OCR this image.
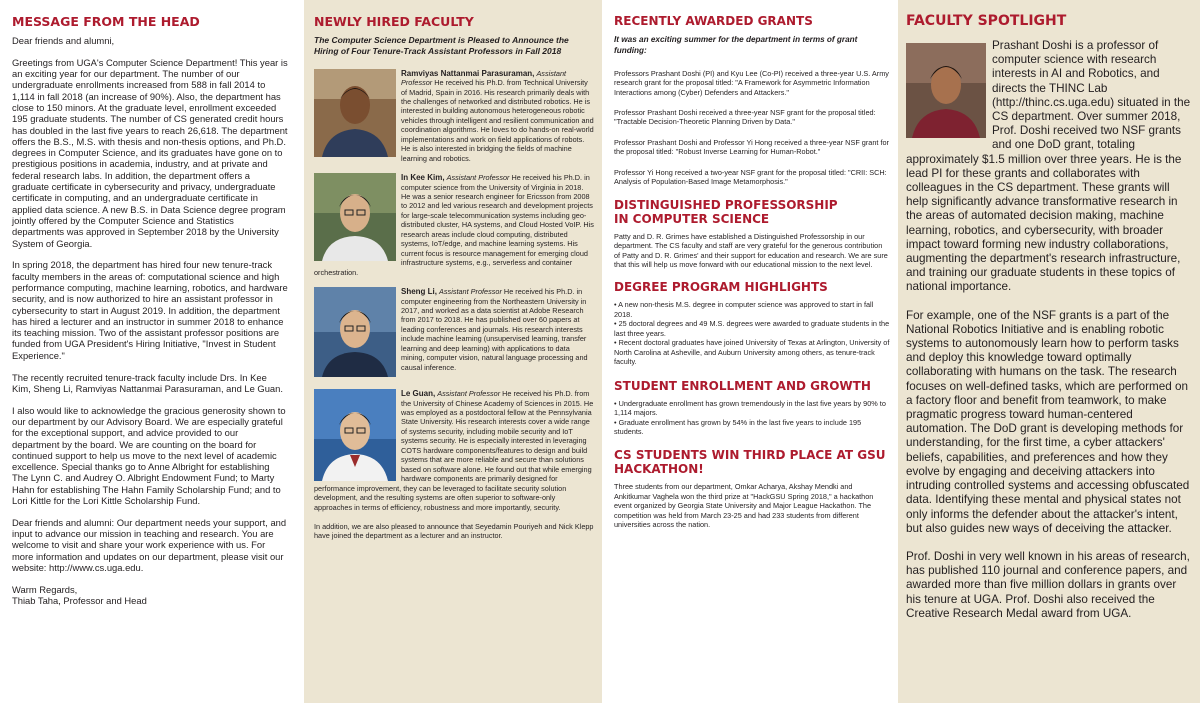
MESSAGE FROM THE HEAD

Dear friends and alumni,

Greetings from UGA's Computer Science Department! This year is an exciting year for our department. The number of our undergraduate enrollments increased from 588 in fall 2014 to 1,114 in fall 2018 (an increase of 90%). Also, the department has close to 150 minors. At the graduate level, enrollment exceeded 195 graduate students. The number of CS generated credit hours has doubled in the last five years to reach 26,618. The department offers the B.S., M.S. with thesis and non-thesis options, and Ph.D. degrees in Computer Science, and its graduates have gone on to prestigious positions in academia, industry, and at private and federal research labs. In addition, the department offers a graduate certificate in cybersecurity and privacy, undergraduate certificate in computing, and an undergraduate certificate in applied data science. A new B.S. in Data Science degree program jointly offered by the Computer Science and Statistics departments was approved in September 2018 by the University System of Georgia.

In spring 2018, the department has hired four new tenure-track faculty members in the areas of: computational science and high performance computing, machine learning, robotics, and hardware security, and is now authorized to hire an assistant professor in cybersecurity to start in August 2019. In addition, the department has hired a lecturer and an instructor in summer 2018 to enhance its teaching mission. Two of the assistant professor positions are funded from UGA President's Hiring Initiative, "Invest in Student Experience."

The recently recruited tenure-track faculty include Drs. In Kee Kim, Sheng Li, Ramviyas Nattanmai Parasuraman, and Le Guan.

I also would like to acknowledge the gracious generosity shown to our department by our Advisory Board. We are especially grateful for the exceptional support, and advice provided to our department by the board. We are counting on the board for continued support to help us move to the next level of academic excellence. Special thanks go to Anne Albright for establishing The Lynn C. and Audrey O. Albright Endowment Fund; to Marty Hahn for establishing The Hahn Family Scholarship Fund; and to Lori Kittle for the Lori Kittle Scholarship Fund.

Dear friends and alumni: Our department needs your support, and input to advance our mission in teaching and research. You are welcome to visit and share your work experience with us. For more information and updates on our department, please visit our website: http://www.cs.uga.edu.

Warm Regards,
Thiab Taha, Professor and Head
NEWLY HIRED FACULTY
The Computer Science Department is Pleased to Announce the Hiring of Four Tenure-Track Assistant Professors in Fall 2018
Ramviyas Nattanmai Parasuraman, Assistant Professor He received his Ph.D. from Technical University of Madrid, Spain in 2016. His research primarily deals with the challenges of networked and distributed robotics. He is interested in building autonomous heterogeneous robotic vehicles through intelligent and resilient communication and coordination algorithms. He loves to do hands-on real-world implementations and work on field applications of robots. He is also interested in bridging the fields of machine learning and robotics.
In Kee Kim, Assistant Professor He received his Ph.D. in computer science from the University of Virginia in 2018. He was a senior research engineer for Ericsson from 2008 to 2012 and led various research and development projects for large-scale telecommunication systems including geo-distributed cluster, HA systems, and Cloud Hosted VoIP. His research areas include cloud computing, distributed systems, IoT/edge, and machine learning systems. His current focus is resource management for emerging cloud infrastructure systems, e.g., serverless and container orchestration.
Sheng Li, Assistant Professor He received his Ph.D. in computer engineering from the Northeastern University in 2017, and worked as a data scientist at Adobe Research from 2017 to 2018. He has published over 60 papers at leading conferences and journals. His research interests include machine learning (unsupervised learning, transfer learning and deep learning) with applications to data mining, computer vision, natural language processing and causal inference.
Le Guan, Assistant Professor He received his Ph.D. from the University of Chinese Academy of Sciences in 2015. He was employed as a postdoctoral fellow at the Pennsylvania State University. His research interests cover a wide range of systems security, including mobile security and IoT systems security. He is especially interested in leveraging COTS hardware components/features to design and build systems that are more reliable and secure than solutions based on software alone. He found out that while emerging hardware components are primarily designed for performance improvement, they can be leveraged to facilitate security solution development, and the resulting systems are often superior to software-only approaches in terms of efficiency, robustness and more importantly, security.
In addition, we are also pleased to announce that Seyedamin Pouriyeh and Nick Klepp have joined the department as a lecturer and an instructor.
RECENTLY AWARDED GRANTS
It was an exciting summer for the department in terms of grant funding:

Professors Prashant Doshi (PI) and Kyu Lee (Co-PI) received a three-year U.S. Army research grant for the proposal titled: "A Framework for Asymmetric Information Interactions among (Cyber) Defenders and Attackers."

Professor Prashant Doshi received a three-year NSF grant for the proposal titled: "Tractable Decision-Theoretic Planning Driven by Data."

Professor Prashant Doshi and Professor Yi Hong received a three-year NSF grant for the proposal titled: "Robust Inverse Learning for Human-Robot."

Professor Yi Hong received a two-year NSF grant for the proposal titled: "CRII: SCH: Analysis of Population-Based Image Metamorphosis."

DISTINGUISHED PROFESSORSHIP
IN COMPUTER SCIENCE

Patty and D. R. Grimes have established a Distinguished Professorship in our department. The CS faculty and staff are very grateful for the generous contribution of Patty and D. R. Grimes' and their support for education and research. We are sure that this will help us move forward with our educational mission to the next level.

DEGREE PROGRAM HIGHLIGHTS
• A new non-thesis M.S. degree in computer science was approved to start in fall 2018.
• 25 doctoral degrees and 49 M.S. degrees were awarded to graduate students in the last three years.
• Recent doctoral graduates have joined University of Texas at Arlington, University of North Carolina at Asheville, and Auburn University among others, as tenure-track faculty.
STUDENT ENROLLMENT AND GROWTH
• Undergraduate enrollment has grown tremendously in the last five years by 90% to 1,114 majors.
• Graduate enrollment has grown by 54% in the last five years to include 195 students.
CS STUDENTS WIN THIRD PLACE AT GSU HACKATHON!

Three students from our department, Omkar Acharya, Akshay Mendki and Ankitkumar Vaghela won the third prize at "HackGSU Spring 2018," a hackathon event organized by Georgia State University and Major League Hackathon. The competition was held from March 23-25 and had 233 students from different universities across the nation.

FACULTY SPOTLIGHT

Prashant Doshi is a professor of computer science with research interests in AI and Robotics, and directs the THINC Lab (http://thinc.cs.uga.edu) situated in the CS department. Over summer 2018, Prof. Doshi received two NSF grants and one DoD grant, totaling approximately $1.5 million over three years. He is the lead PI for these grants and collaborates with colleagues in the CS department. These grants will help significantly advance transformative research in the areas of automated decision making, machine learning, robotics, and cybersecurity, with broader impact toward forming new industry collaborations, augmenting the department's research infrastructure, and training our graduate students in these topics of national importance.

For example, one of the NSF grants is a part of the National Robotics Initiative and is enabling robotic systems to autonomously learn how to perform tasks and deploy this knowledge toward optimally collaborating with humans on the task. The research focuses on well-defined tasks, which are performed on a factory floor and benefit from teamwork, to make pragmatic progress toward human-centered automation. The DoD grant is developing methods for understanding, for the first time, a cyber attackers' beliefs, capabilities, and preferences and how they evolve by engaging and deceiving attackers into intruding controlled systems and accessing obfuscated data. Identifying these mental and physical states not only informs the defender about the attacker's intent, but also guides new ways of deceiving the attacker.

Prof. Doshi in very well known in his areas of research, has published 110 journal and conference papers, and awarded more than five million dollars in grants over his tenure at UGA. Prof. Doshi also received the Creative Research Medal award from UGA.
